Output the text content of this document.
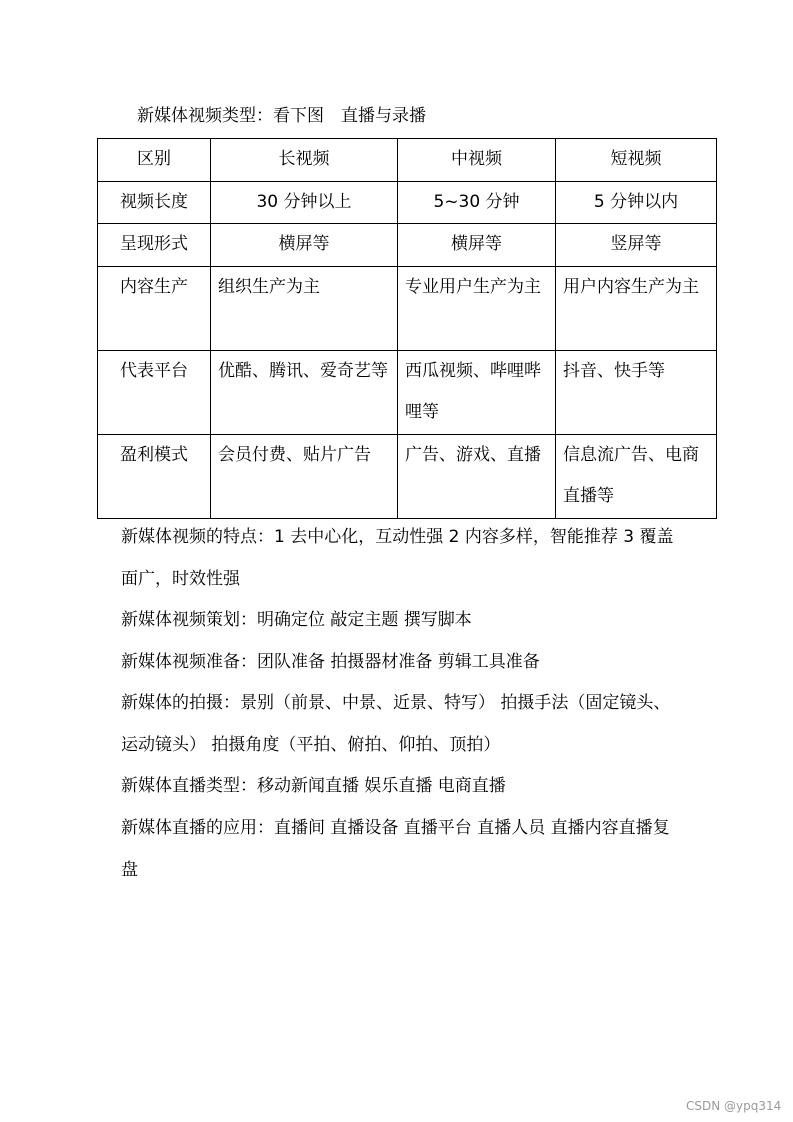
新媒体视频类型：看下图　直播与录播
区别	长视频	中视频	短视频
视频长度	30 分钟以上	5~30 分钟	5 分钟以内
呈现形式	横屏等	横屏等	竖屏等
内容生产	组织生产为主	专业用户生产为主	用户内容生产为主
代表平台	优酷、腾讯、爱奇艺等	西瓜视频、哔哩哔哩等	抖音、快手等
盈利模式	会员付费、贴片广告	广告、游戏、直播	信息流广告、电商直播等
新媒体视频的特点：1 去中心化，互动性强 2 内容多样，智能推荐 3 覆盖面广，时效性强
新媒体视频策划：明确定位 敲定主题 撰写脚本
新媒体视频准备：团队准备 拍摄器材准备 剪辑工具准备
新媒体的拍摄：景别（前景、中景、近景、特写） 拍摄手法（固定镜头、运动镜头） 拍摄角度（平拍、俯拍、仰拍、顶拍）
新媒体直播类型：移动新闻直播 娱乐直播 电商直播
新媒体直播的应用：直播间 直播设备 直播平台 直播人员 直播内容直播复盘
CSDN @ypq314
